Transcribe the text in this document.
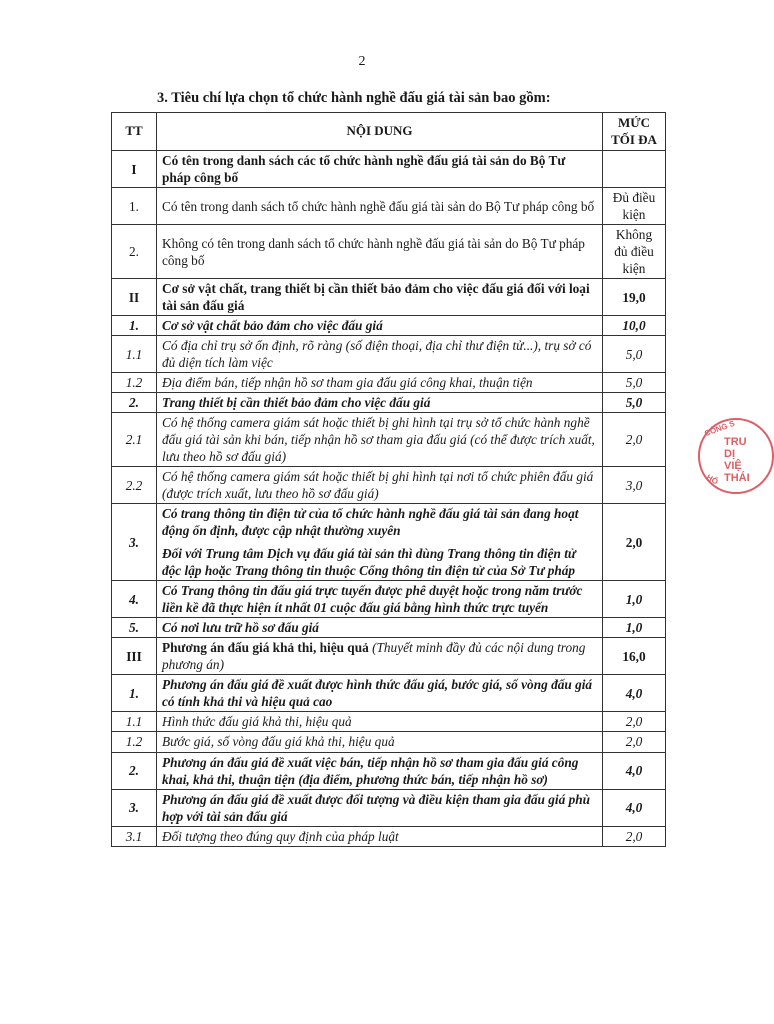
2
3. Tiêu chí lựa chọn tổ chức hành nghề đấu giá tài sản bao gồm:
TT	NỘI DUNG	MỨC
TỐI ĐA

I	Có tên trong danh sách các tổ chức hành nghề đấu giá tài sản do Bộ Tư pháp công bố	
1.	Có tên trong danh sách tổ chức hành nghề đấu giá tài sản do Bộ Tư pháp công bố	Đủ điều kiện
2.	Không có tên trong danh sách tổ chức hành nghề đấu giá tài sản do Bộ Tư pháp công bố	Không đủ điều kiện
II	Cơ sở vật chất, trang thiết bị cần thiết bảo đảm cho việc đấu giá đối với loại tài sản đấu giá	19,0
1.	Cơ sở vật chất bảo đảm cho việc đấu giá	10,0
1.1	Có địa chỉ trụ sở ổn định, rõ ràng (số điện thoại, địa chỉ thư điện tử...), trụ sở có đủ diện tích làm việc	5,0
1.2	Địa điểm bán, tiếp nhận hồ sơ tham gia đấu giá công khai, thuận tiện	5,0
2.	Trang thiết bị cần thiết bảo đảm cho việc đấu giá	5,0
2.1	Có hệ thống camera giám sát hoặc thiết bị ghi hình tại trụ sở tổ chức hành nghề đấu giá tài sản khi bán, tiếp nhận hồ sơ tham gia đấu giá (có thể được trích xuất, lưu theo hồ sơ đấu giá)	2,0
2.2	Có hệ thống camera giám sát hoặc thiết bị ghi hình tại nơi tổ chức phiên đấu giá (được trích xuất, lưu theo hồ sơ đấu giá)	3,0
3.	Có trang thông tin điện tử của tổ chức hành nghề đấu giá tài sản đang hoạt động ổn định, được cập nhật thường xuyên
Đối với Trung tâm Dịch vụ đấu giá tài sản thì dùng Trang thông tin điện tử độc lập hoặc Trang thông tin thuộc Cổng thông tin điện tử của Sở Tư pháp	2,0
4.	Có Trang thông tin đấu giá trực tuyến được phê duyệt hoặc trong năm trước liền kề đã thực hiện ít nhất 01 cuộc đấu giá bằng hình thức trực tuyến	1,0
5.	Có nơi lưu trữ hồ sơ đấu giá	1,0
III	Phương án đấu giá khả thi, hiệu quả (Thuyết minh đầy đủ các nội dung trong phương án)	16,0
1.	Phương án đấu giá đề xuất được hình thức đấu giá, bước giá, số vòng đấu giá có tính khả thi và hiệu quả cao	4,0
1.1	Hình thức đấu giá khả thi, hiệu quả	2,0
1.2	Bước giá, số vòng đấu giá khả thi, hiệu quả	2,0
2.	Phương án đấu giá đề xuất việc bán, tiếp nhận hồ sơ tham gia đấu giá công khai, khả thi, thuận tiện (địa điểm, phương thức bán, tiếp nhận hồ sơ)	4,0
3.	Phương án đấu giá đề xuất được đối tượng và điều kiện tham gia đấu giá phù hợp với tài sản đấu giá	4,0
3.1	Đối tượng theo đúng quy định của pháp luật	2,0
CÔNG S
TRU
DỊ
VIỆ
THÁI
HỘ
